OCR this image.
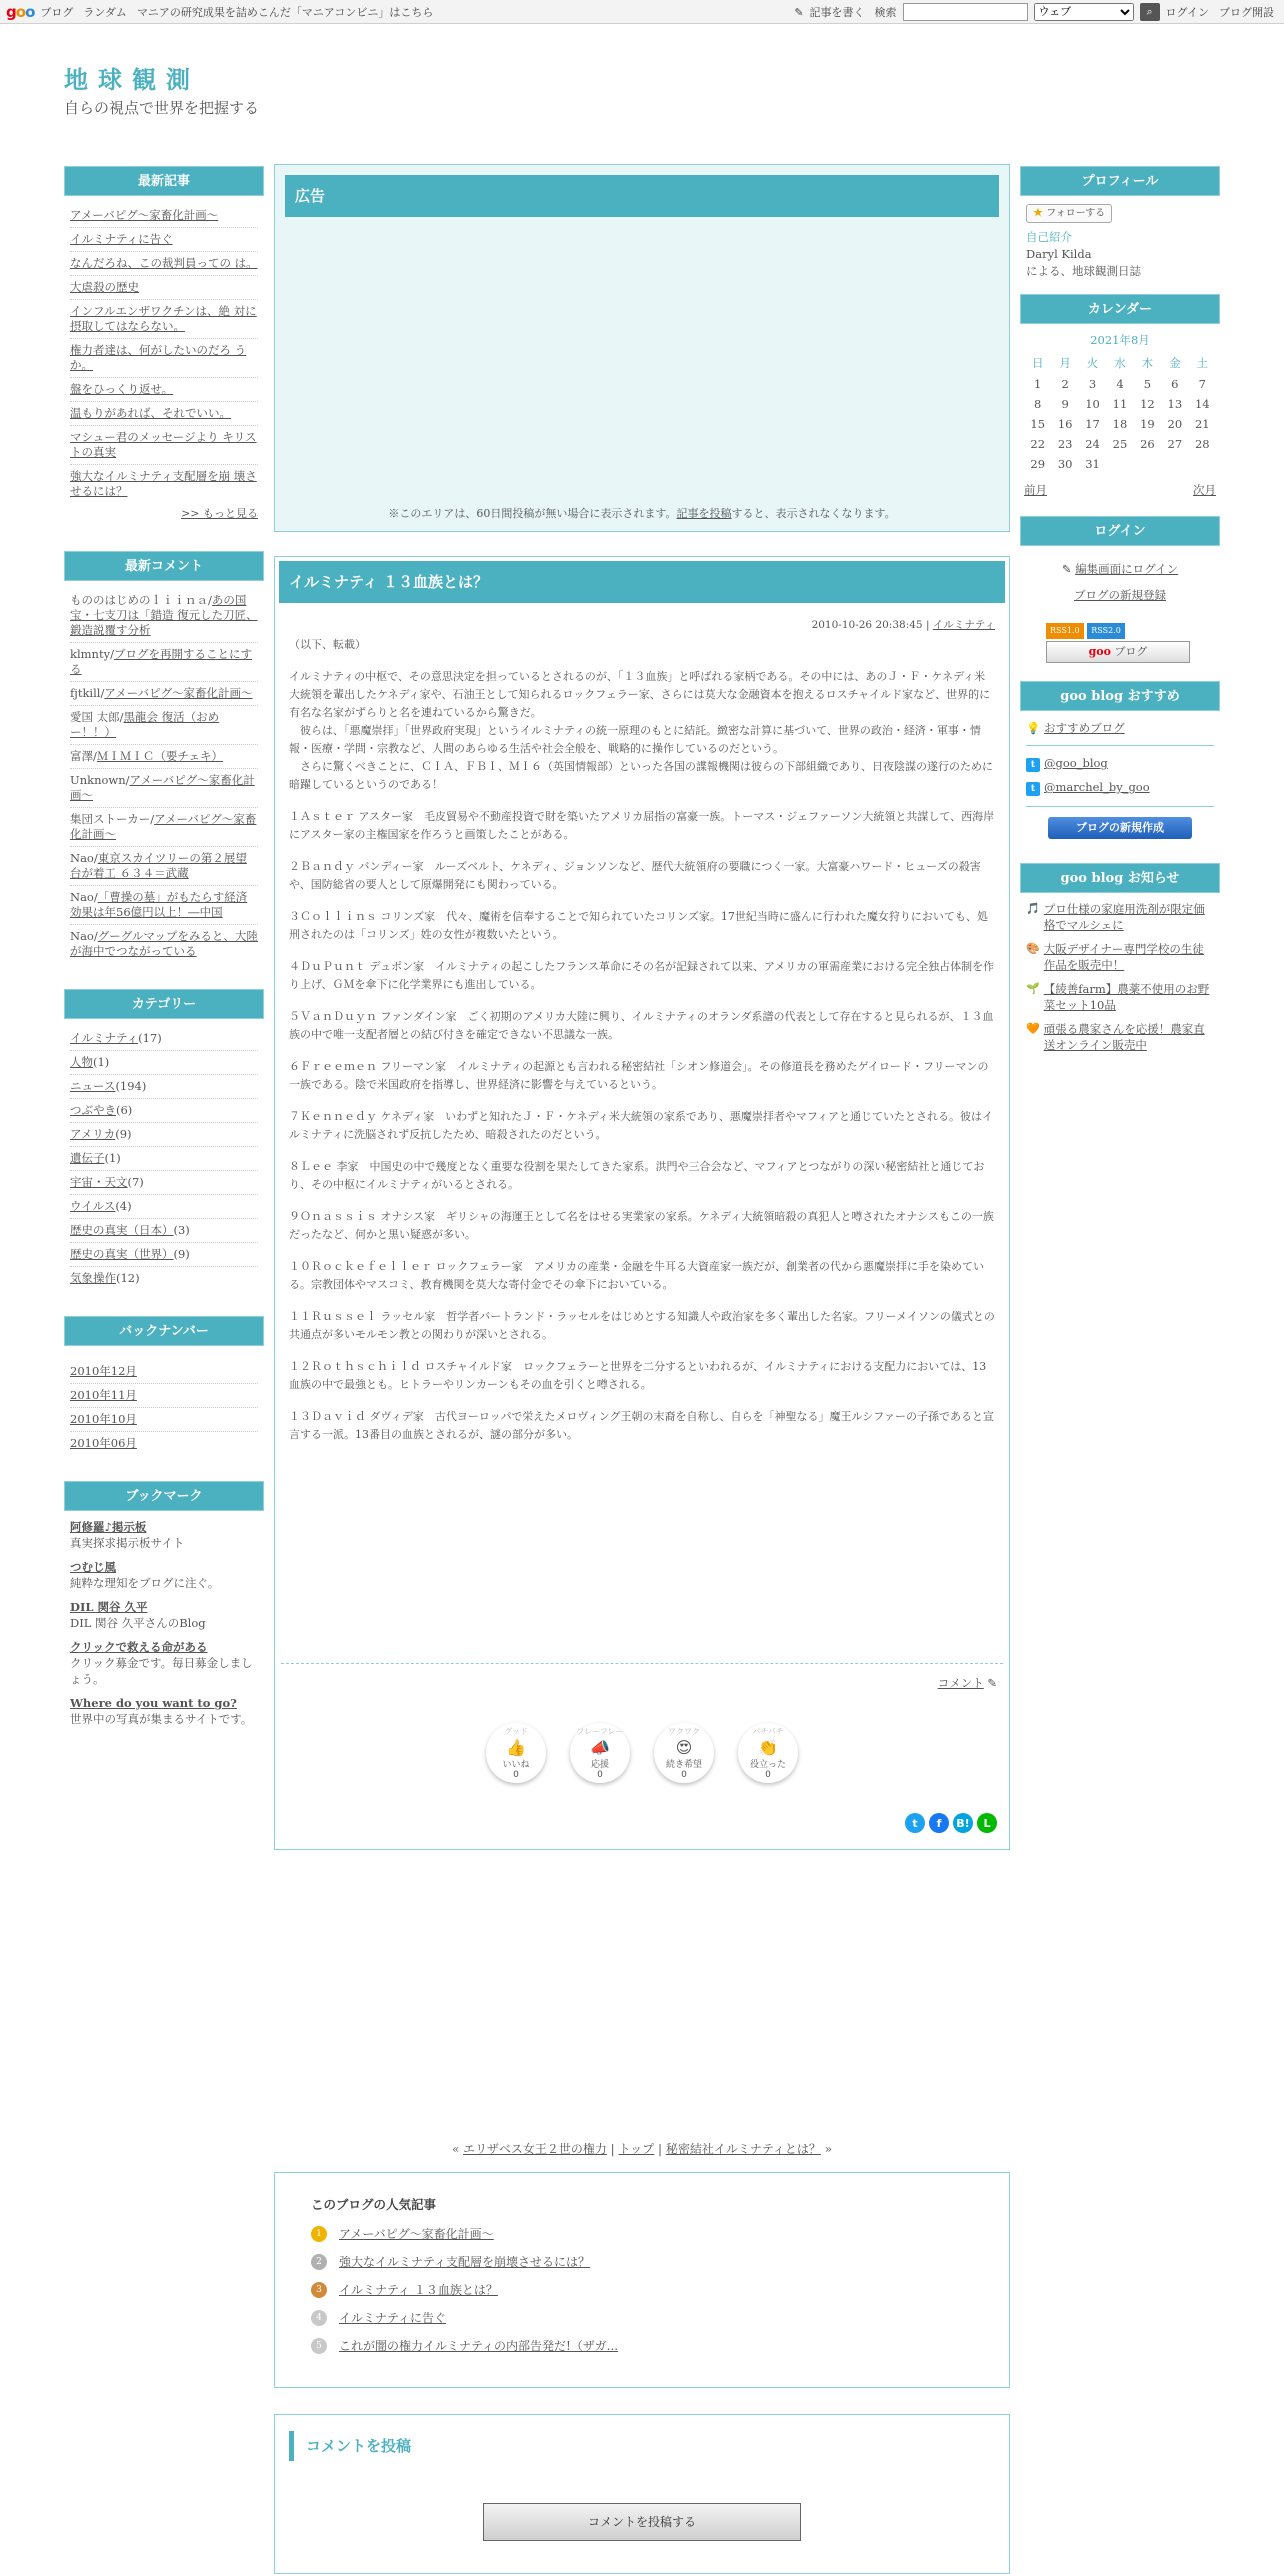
goo ブログ ランダム マニアの研究成果を詰めこんだ「マニアコンビニ」はこちら	✎ 記事を書く 検索
ウェブ	⌕ ログイン ブログ開設
地球観測
自らの視点で世界を把握する
最新記事
アメーバピグ～家畜化計画～
イルミナティに告ぐ
なんだろね、この裁判員っての は。
大虐殺の歴史
インフルエンザワクチンは、絶 対に摂取してはならない。
権力者達は、何がしたいのだろ うか。
盤をひっくり返せ。
温もりがあれば、それでいい。
マシュー君のメッセージより キリストの真実
強大なイルミナティ支配層を崩 壊させるには？
>> もっと見る
最新コメント
もののはじめのｌｉｉｎａ/あの国宝・七支刀は「錯造 復元した刀匠、鍛造説覆す分析
klmnty/ブログを再開することにする
fjtkill/アメーバピグ～家畜化計画～
愛国 太郎/黒龍会 復活（おめー！！）
富澤/ＭＩＭＩＣ（要チェキ）
Unknown/アメーバピグ～家畜化計画～
集団ストーカー/アメーバピグ～家畜化計画～
Nao/東京スカイツリーの第２展望台が着工 ６３４＝武蔵
Nao/「曹操の墓」がもたらす経済効果は年56億円以上！―中国
Nao/グーグルマップをみると、大陸が海中でつながっている
カテゴリー
イルミナティ(17)
人物(1)
ニュース(194)
つぶやき(6)
アメリカ(9)
遺伝子(1)
宇宙・天文(7)
ウイルス(4)
歴史の真実（日本）(3)
歴史の真実（世界）(9)
気象操作(12)
バックナンバー
2010年12月
2010年11月
2010年10月
2010年06月
ブックマーク
阿修羅♪掲示板
真実探求掲示板サイト
つむじ風
純粋な理知をブログに注ぐ。
DIL 関谷 久平
DIL 関谷 久平さんのBlog
クリックで救える命がある
クリック募金です。毎日募金しましょう。
Where do you want to go?
世界中の写真が集まるサイトです。
広告
※このエリアは、60日間投稿が無い場合に表示されます。記事を投稿すると、表示されなくなります。
イルミナティ １３血族とは？
2010-10-26 20:38:45 | イルミナティ

（以下、転載）

イルミナティの中枢で、その意思決定を担っているとされるのが、「１３血族」と呼ばれる家柄である。その中には、あのＪ・Ｆ・ケネディ米大統領を輩出したケネディ家や、石油王として知られるロックフェラー家、さらには莫大な金融資本を抱えるロスチャイルド家など、世界的に有名な名家がずらりと名を連ねているから驚きだ。
　彼らは、「悪魔崇拝」「世界政府実現」というイルミナティの統一原理のもとに結託。緻密な計算に基づいて、世界の政治・経済・軍事・情報・医療・学問・宗教など、人間のあらゆる生活や社会全般を、戦略的に操作しているのだという。
　さらに驚くべきことに、ＣＩＡ、ＦＢＩ、ＭＩ６（英国情報部）といった各国の諜報機関は彼らの下部組織であり、日夜陰謀の遂行のために暗躍しているというのである！

１Ａｓｔｅｒ アスター家　毛皮貿易や不動産投資で財を築いたアメリカ屈指の富豪一族。トーマス・ジェファーソン大統領と共謀して、西海岸にアスター家の主権国家を作ろうと画策したことがある。

２Ｂａｎｄｙ バンディー家　ルーズベルト、ケネディ、ジョンソンなど、歴代大統領府の要職につく一家。大富豪ハワード・ヒューズの殺害や、国防総省の要人として原爆開発にも関わっている。

３Ｃｏｌｌｉｎｓ コリンズ家　代々、魔術を信奉することで知られていたコリンズ家。17世紀当時に盛んに行われた魔女狩りにおいても、処刑されたのは「コリンズ」姓の女性が複数いたという。

４ＤｕＰｕｎｔ デュポン家　イルミナティの起こしたフランス革命にその名が記録されて以来、アメリカの軍需産業における完全独占体制を作り上げ、ＧＭを傘下に化学業界にも進出している。

５ＶａｎＤｕｙｎ ファンダイン家　ごく初期のアメリカ大陸に興り、イルミナティのオランダ系譜の代表として存在すると見られるが、１３血族の中で唯一支配者層との結び付きを確定できない不思議な一族。

６Ｆｒｅｅｍｅｎ フリーマン家　イルミナティの起源とも言われる秘密結社「シオン修道会」。その修道長を務めたゲイロード・フリーマンの一族である。陰で米国政府を指導し、世界経済に影響を与えているという。

７Ｋｅｎｎｅｄｙ ケネディ家　いわずと知れたＪ・Ｆ・ケネディ米大統領の家系であり、悪魔崇拝者やマフィアと通じていたとされる。彼はイルミナティに洗脳されず反抗したため、暗殺されたのだという。

８Ｌｅｅ 李家　中国史の中で幾度となく重要な役割を果たしてきた家系。洪門や三合会など、マフィアとつながりの深い秘密結社と通じており、その中枢にイルミナティがいるとされる。

９Ｏｎａｓｓｉｓ オナシス家　ギリシャの海運王として名をはせる実業家の家系。ケネディ大統領暗殺の真犯人と噂されたオナシスもこの一族だったなど、何かと黒い疑惑が多い。

１０Ｒｏｃｋｅｆｅｌｌｅｒ ロックフェラー家　アメリカの産業・金融を牛耳る大資産家一族だが、創業者の代から悪魔崇拝に手を染めている。宗教団体やマスコミ、教育機関を莫大な寄付金でその傘下においている。

１１Ｒｕｓｓｅｌ ラッセル家　哲学者バートランド・ラッセルをはじめとする知識人や政治家を多く輩出した名家。フリーメイソンの儀式との共通点が多いモルモン教との関わりが深いとされる。

１２Ｒｏｔｈｓｃｈｉｌｄ ロスチャイルド家　ロックフェラーと世界を二分するといわれるが、イルミナティにおける支配力においては、13血族の中で最強とも。ヒトラーやリンカーンもその血を引くと噂される。

１３Ｄａｖｉｄ ダヴィデ家　古代ヨーロッパで栄えたメロヴィング王朝の末裔を自称し、自らを「神聖なる」魔王ルシファーの子孫であると宣言する一派。13番目の血族とされるが、謎の部分が多い。

コメント ✎
グッド
👍
いいね
0
フレーフレー
📣
応援
0
ワクワク
😍
続き希望
0
パチパチ
👏
役立った
0
t f B! L
« エリザベス女王２世の権力 | トップ | 秘密結社イルミナティとは？ »
このブログの人気記事
1	アメーバピグ～家畜化計画～
2	強大なイルミナティ支配層を崩壊させるには？
3	イルミナティ １３血族とは？
4	イルミナティに告ぐ
5	これが闇の権力イルミナティの内部告発だ!（ザガ...
コメントを投稿
コメントを投稿する
プロフィール
★ フォローする
自己紹介
Daryl Kilda
による、地球観測日誌
カレンダー
2021年8月
日	月	火	水	木	金	土
1	2	3	4	5	6	7
8	9	10	11	12	13	14
15	16	17	18	19	20	21
22	23	24	25	26	27	28
29	30	31				
前月	次月
ログイン
✎ 編集画面にログイン
ブログの新規登録
RSS1.0 RSS2.0
goo ブログ
goo blog おすすめ
💡 おすすめブログ
t @goo_blog
t @marchel_by_goo
ブログの新規作成
goo blog お知らせ
🎵 プロ仕様の家庭用洗剤が限定価格でマルシェに
🎨 大阪デザイナー専門学校の生徒作品を販売中！
🌱 【綾善farm】農薬不使用のお野菜セット10品
🧡 頑張る農家さんを応援！農家直送オンライン販売中
